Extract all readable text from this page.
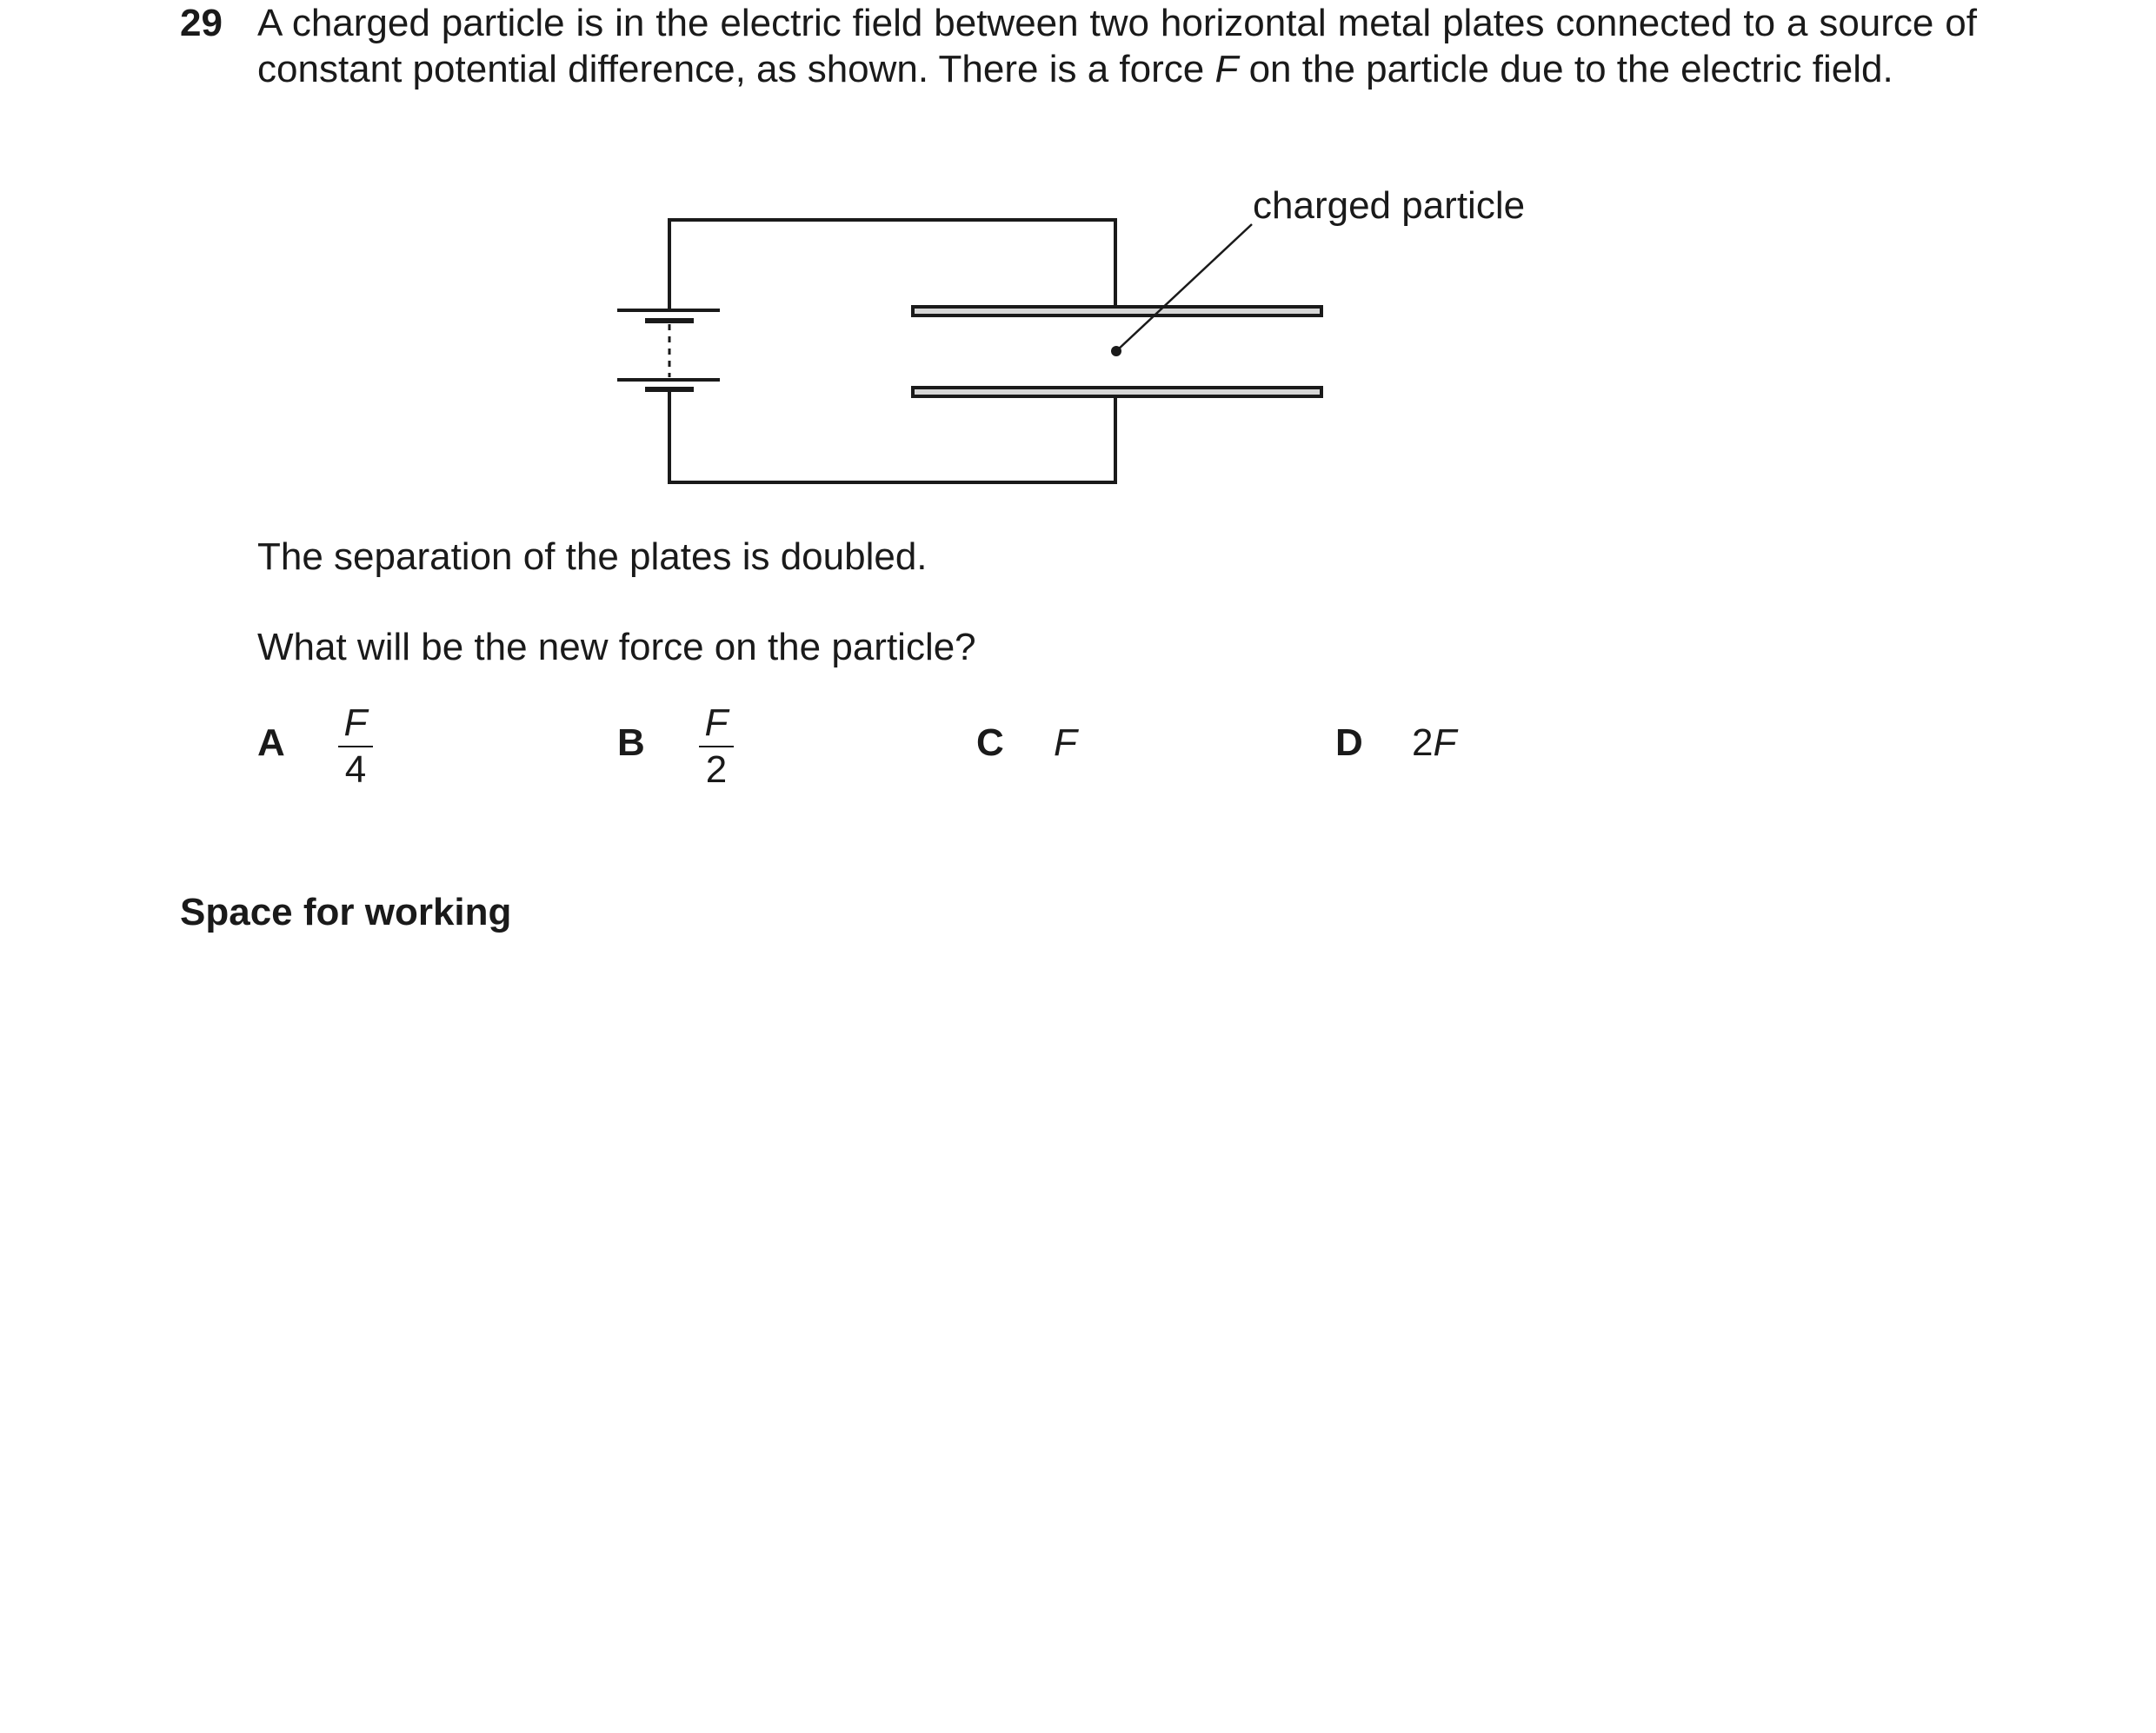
29 A charged particle is in the electric field between two horizontal metal plates connected to a source of constant potential difference, as shown. There is a force F on the particle due to the electric field.
charged particle
The separation of the plates is doubled.
What will be the new force on the particle?
A F
4
B F
2
C F	D 2F
Space for working
